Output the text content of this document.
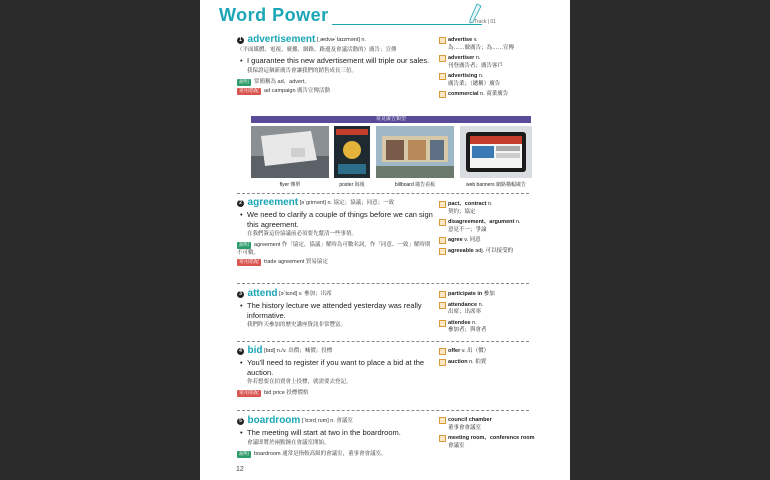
Word Power	Track | 01
1 advertisement [ˌædvɚˋtaɪzmənt] n.
（平面媒體、電視、廣播、網路、路邊及會議活動的）廣告；宣傳
• I guarantee this new advertisement will triple our sales.
我保證這個新廣告會讓我們的銷售成長三倍。
說明 常簡稱為 ad、advert。
常用搭配 ad campaign 廣告宣傳活動
advertise v.
為……做廣告；為……宣傳
advertiser n.
刊登廣告者；廣告客戶
advertising n.
廣告業；（總稱）廣告
commercial n. 商業廣告
常見廣告類型
flyer 傳單	poster 海報	billboard 廣告看板	web banners 網路橫幅廣告
2 agreement [əˋgrimənt] n. 協定；協議；同意；一致
• We need to clarify a couple of things before we can sign this agreement.
在我們簽這份協議前必須要先釐清一些事情。
說明 agreement 作「協定、協議」解時為可數名詞，作「同意、一致」解時則不可數。
常用搭配 trade agreement 貿易協定
pact、contract n.
契約；協定
disagreement、argument n.
意見不一；爭論
agree v. 同意
agreeable adj. 可以接受的
3 attend [əˋtɛnd] v. 參加；出席
• The history lecture we attended yesterday was really informative.
我們昨天參加的歷史講座資訊非常豐富。
participate in 參加
attendance n.
出席；出席率
attendee n.
參加者；與會者
4 bid [bɪd] n./v. 出價；喊價；投標
• You'll need to register if you want to place a bid at the auction.
你若想要在拍賣會上投標，就需要去登記。
常用搭配 bid price 投標價格
offer v. 出（價）
auction n. 拍賣
5 boardroom [ˋbɔrd͵rum] n. 會議室
• The meeting will start at two in the boardroom.
會議即將於兩點鐘在會議室開始。
說明 boardroom 通常是指較高級的會議室，董事會會議室。
council chamber
董事會會議室
meeting room、conference room
會議室
12
